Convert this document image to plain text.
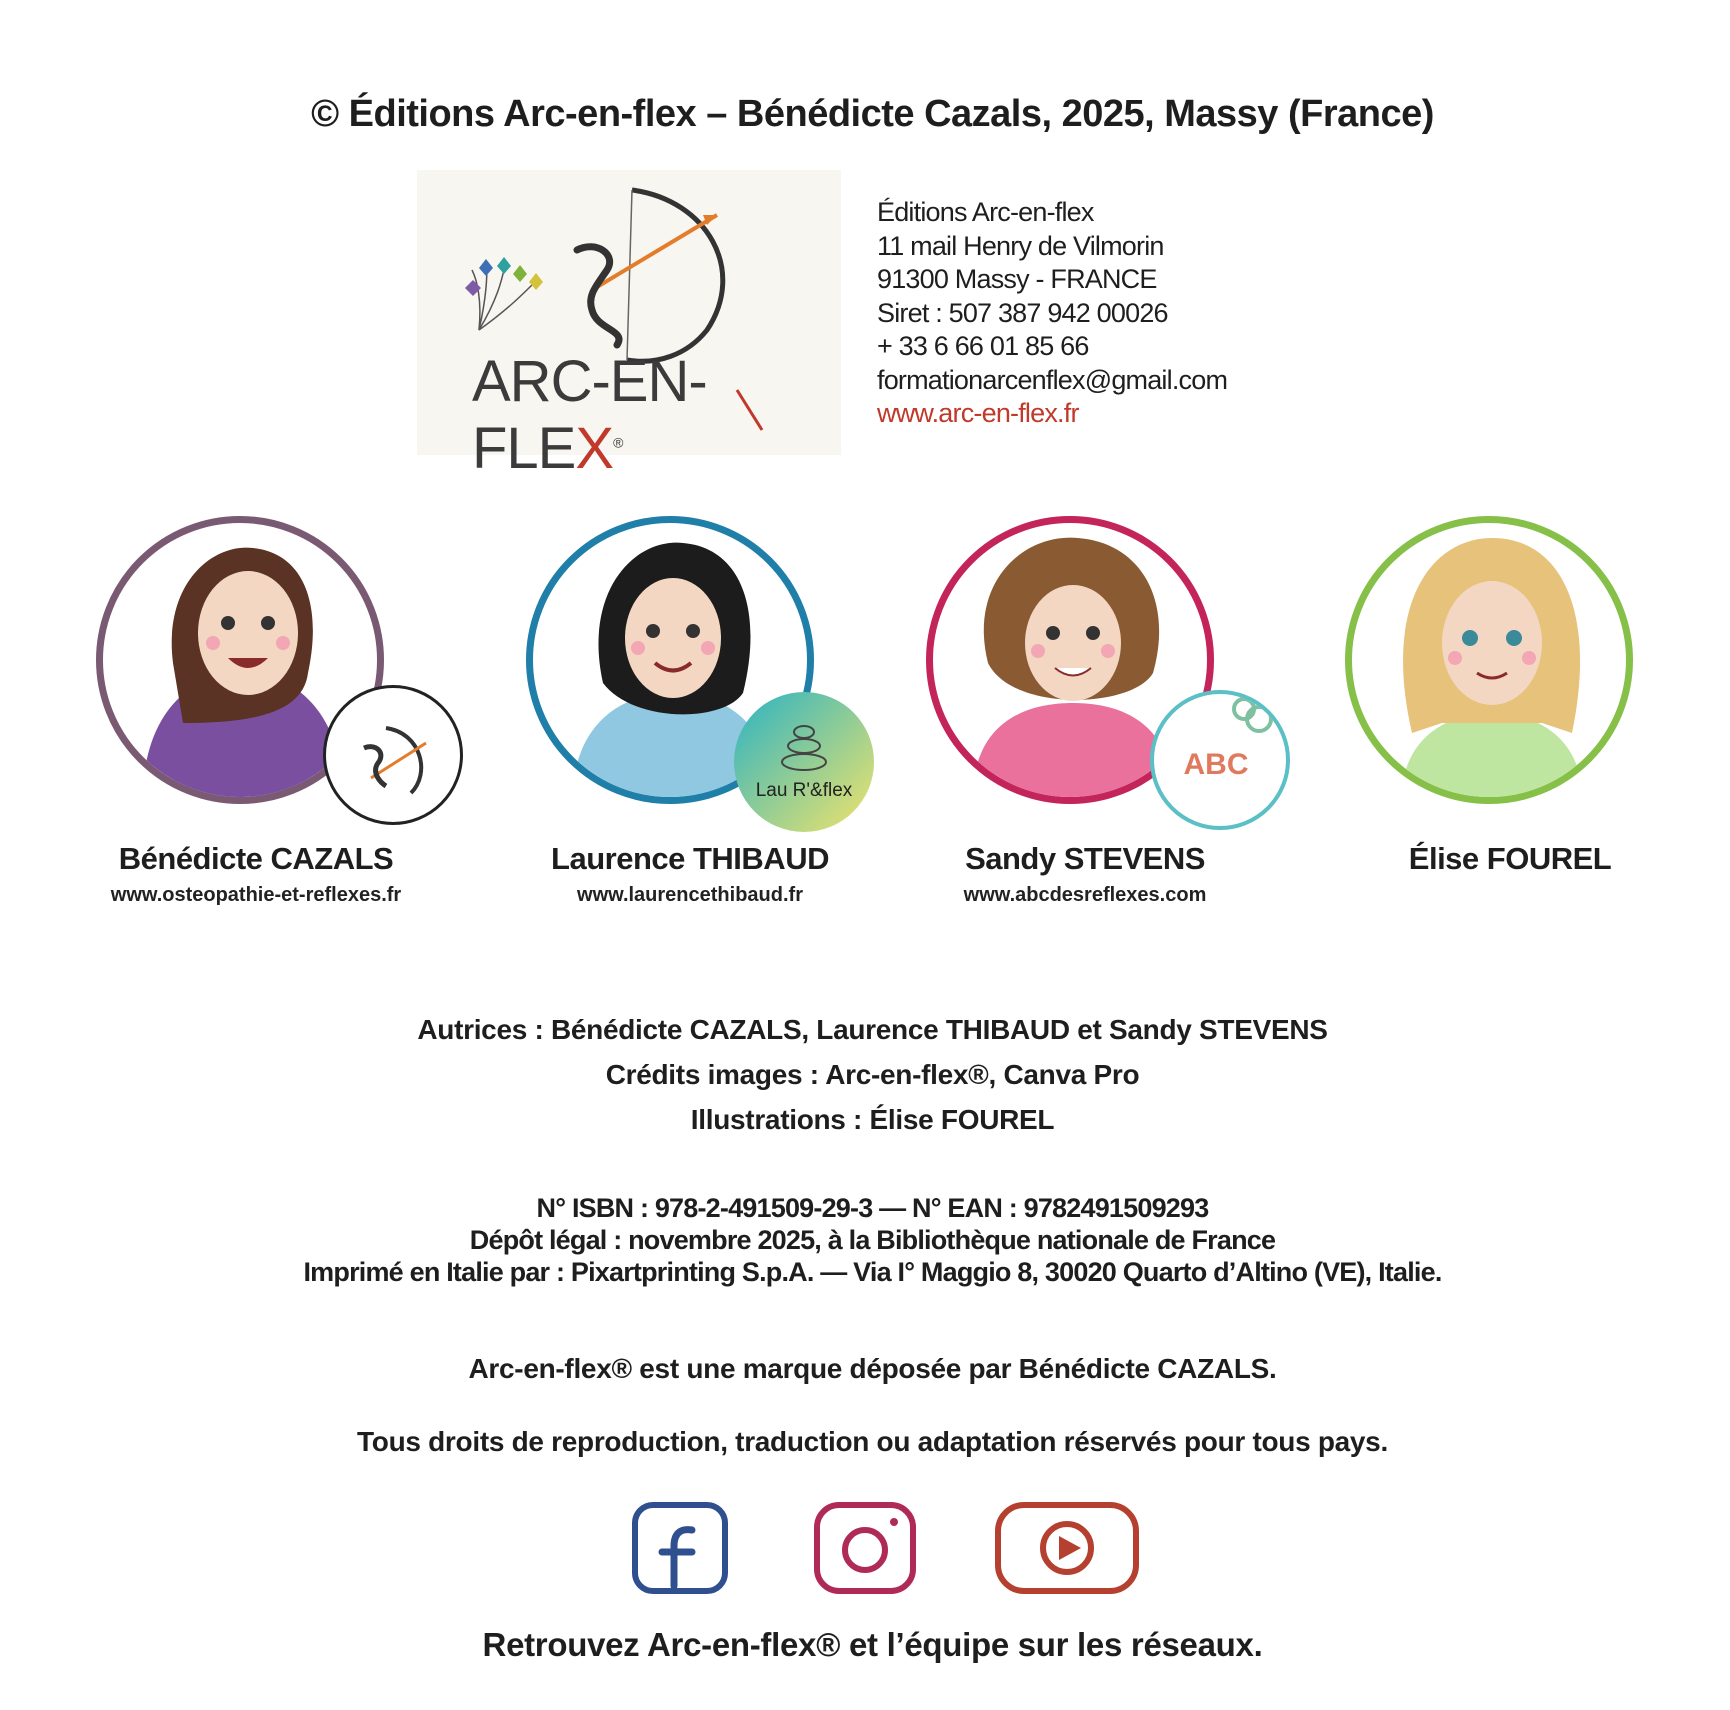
© Éditions Arc-en-flex – Bénédicte Cazals, 2025, Massy (France)
ARC-EN-FLEX®
Éditions Arc-en-flex
11 mail Henry de Vilmorin
91300 Massy - FRANCE
Siret : 507 387 942 00026
+ 33 6 66 01 85 66
formationarcenflex@gmail.com
www.arc-en-flex.fr
Bénédicte CAZALS
www.osteopathie-et-reflexes.fr
Lau R'&flex
Laurence THIBAUD
www.laurencethibaud.fr
ABC
Sandy STEVENS
www.abcdesreflexes.com
Élise FOUREL
Autrices : Bénédicte CAZALS, Laurence THIBAUD et Sandy STEVENS
Crédits images : Arc-en-flex®, Canva Pro
Illustrations : Élise FOUREL
N° ISBN : 978-2-491509-29-3 — N° EAN : 9782491509293
Dépôt légal : novembre 2025, à la Bibliothèque nationale de France
Imprimé en Italie par : Pixartprinting S.p.A. — Via I° Maggio 8, 30020 Quarto d’Altino (VE), Italie.
Arc-en-flex® est une marque déposée par Bénédicte CAZALS.
Tous droits de reproduction, traduction ou adaptation réservés pour tous pays.
Retrouvez Arc-en-flex® et l’équipe sur les réseaux.
